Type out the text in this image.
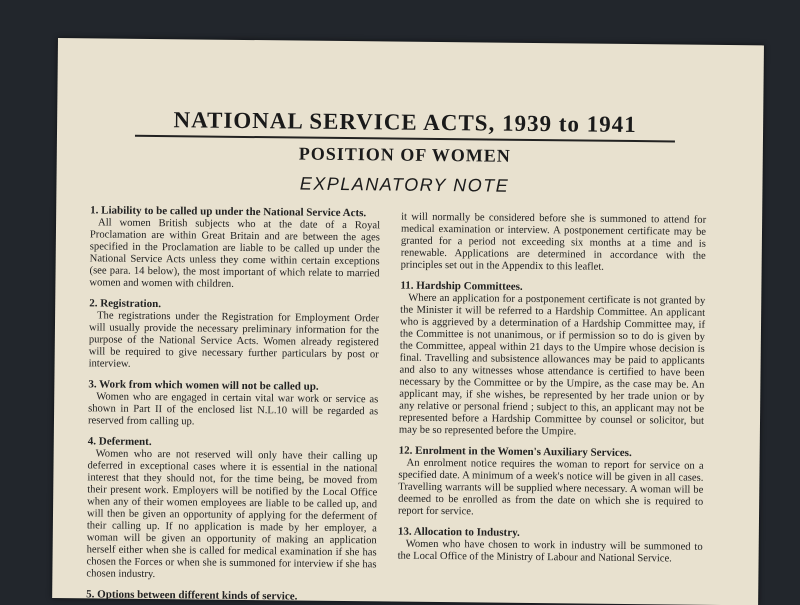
NATIONAL SERVICE ACTS, 1939 to 1941
POSITION OF WOMEN
EXPLANATORY NOTE
1. Liability to be called up under the National Service Acts.
All women British subjects who at the date of a Royal Proclamation are within Great Britain and are between the ages specified in the Proclamation are liable to be called up under the National Service Acts unless they come within certain exceptions (see para. 14 below), the most important of which relate to married women and women with children.
2. Registration.
The registrations under the Registration for Employment Order will usually provide the necessary preliminary information for the purpose of the National Service Acts. Women already registered will be required to give necessary further particulars by post or interview.
3. Work from which women will not be called up.
Women who are engaged in certain vital war work or service as shown in Part II of the enclosed list N.L.10 will be regarded as reserved from calling up.
4. Deferment.
Women who are not reserved will only have their calling up deferred in exceptional cases where it is essential in the national interest that they should not, for the time being, be moved from their present work. Employers will be notified by the Local Office when any of their women employees are liable to be called up, and will then be given an opportunity of applying for the deferment of their calling up. If no application is made by her employer, a woman will be given an opportunity of making an application herself either when she is called for medical examination if she has chosen the Forces or when she is summoned for interview if she has chosen industry.
5. Options between different kinds of service.
it will normally be considered before she is summoned to attend for medical examination or interview. A postponement certificate may be granted for a period not exceeding six months at a time and is renewable. Applications are determined in accordance with the principles set out in the Appendix to this leaflet.
11. Hardship Committees.
Where an application for a postponement certificate is not granted by the Minister it will be referred to a Hardship Committee. An applicant who is aggrieved by a determination of a Hardship Committee may, if the Committee is not unanimous, or if permission so to do is given by the Committee, appeal within 21 days to the Umpire whose decision is final. Travelling and subsistence allowances may be paid to applicants and also to any witnesses whose attendance is certified to have been necessary by the Committee or by the Umpire, as the case may be. An applicant may, if she wishes, be represented by her trade union or by any relative or personal friend ; subject to this, an applicant may not be represented before a Hardship Committee by counsel or solicitor, but may be so represented before the Umpire.
12. Enrolment in the Women's Auxiliary Services.
An enrolment notice requires the woman to report for service on a specified date. A minimum of a week's notice will be given in all cases. Travelling warrants will be supplied where necessary. A woman will be deemed to be enrolled as from the date on which she is required to report for service.
13. Allocation to Industry.
Women who have chosen to work in industry will be summoned to the Local Office of the Ministry of Labour and National Service.
